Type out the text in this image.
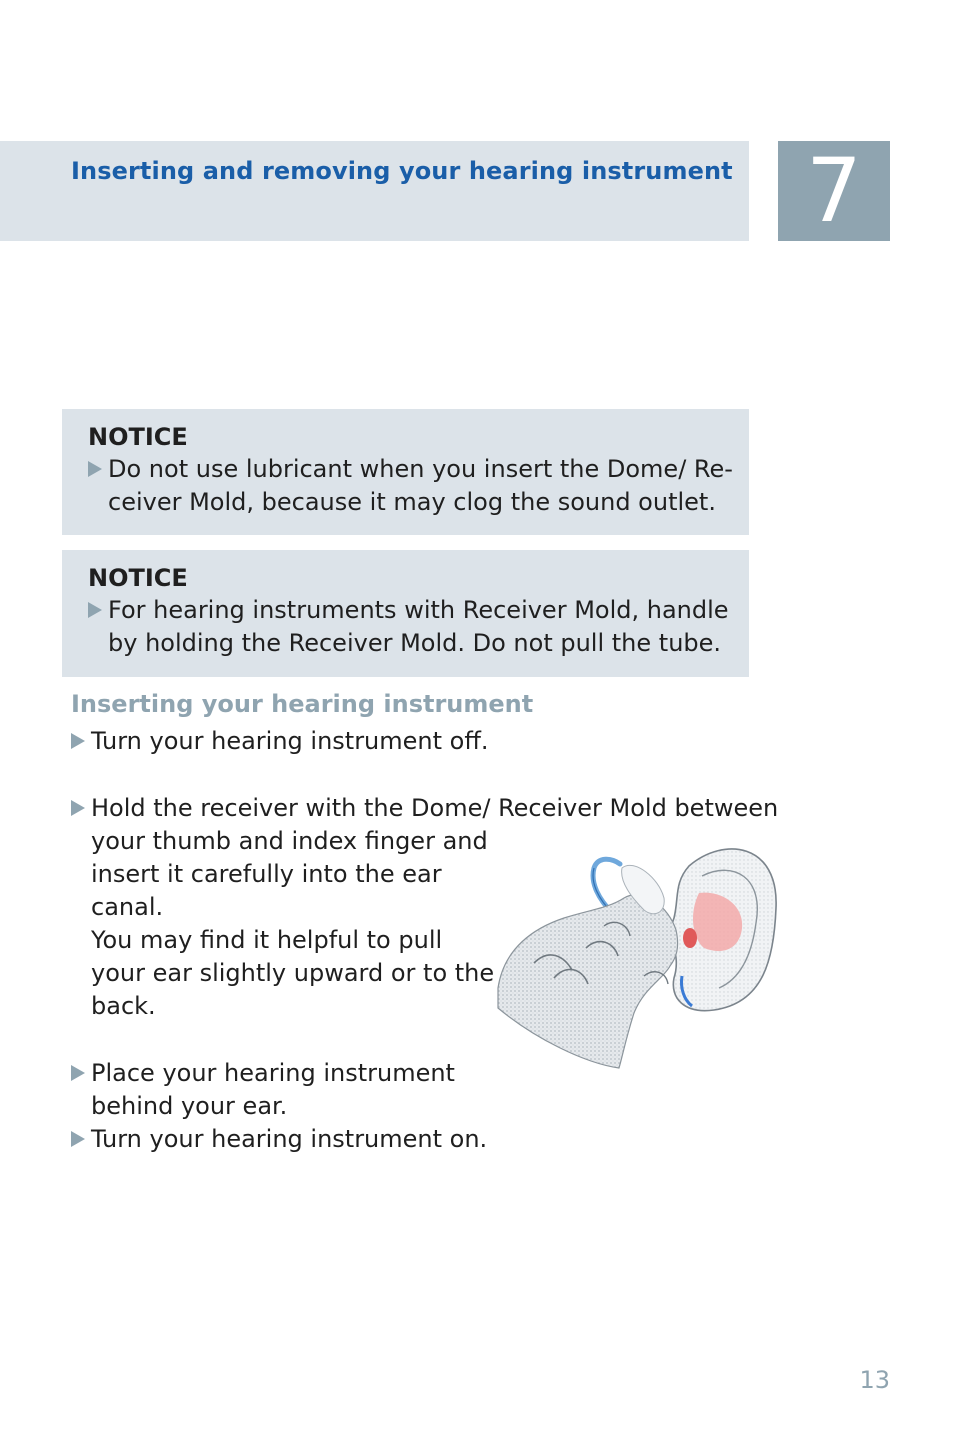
Inserting and removing your hearing instrument 7

NOTICE

Do not use lubricant when you insert the Dome/ Re-
ceiver Mold, because it may clog the sound outlet.

NOTICE

For hearing instruments with Receiver Mold, handle
by holding the Receiver Mold. Do not pull the tube.
Inserting your hearing instrument
Turn your hearing instrument off.
Hold the receiver with the Dome/ Receiver Mold between
your thumb and index finger and
insert it carefully into the ear
canal.
You may find it helpful to pull
your ear slightly upward or to the
back.
Place your hearing instrument
behind your ear.
Turn your hearing instrument on.
13
